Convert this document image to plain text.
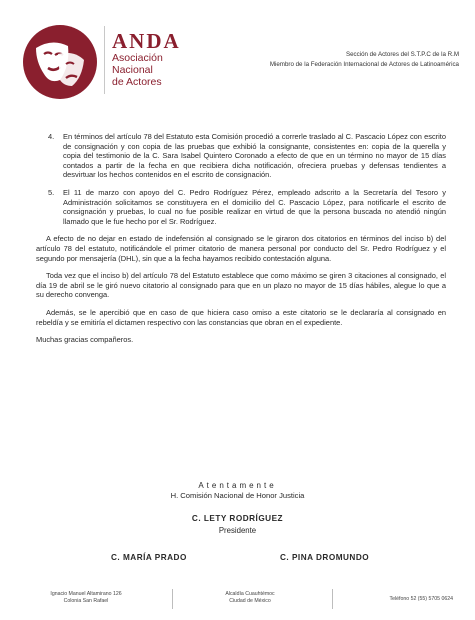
ANDA
Asociación
Nacional
de Actores
Sección de Actores del S.T.P.C de la R.M
Miembro de la Federación Internacional de Actores de Latinoamérica
4. En términos del artículo 78 del Estatuto esta Comisión procedió a correrle traslado al C. Pascacio López con escrito de consignación y con copia de las pruebas que exhibió la consignante, consistentes en: copia de la querella y copia del testimonio de la C. Sara Isabel Quintero Coronado a efecto de que en un término no mayor de 15 días contados a partir de la fecha en que recibiera dicha notificación, ofreciera pruebas y defensas tendientes a desvirtuar los hechos contenidos en el escrito de consignación.
5. El 11 de marzo con apoyo del C. Pedro Rodríguez Pérez, empleado adscrito a la Secretaría del Tesoro y Administración solicitamos se constituyera en el domicilio del C. Pascacio López, para notificarle el escrito de consignación y pruebas, lo cual no fue posible realizar en virtud de que la persona buscada no atendió ningún llamado que le fue hecho por el Sr. Rodríguez.

A efecto de no dejar en estado de indefensión al consignado se le giraron dos citatorios en términos del inciso b) del artículo 78 del estatuto, notificándole el primer citatorio de manera personal por conducto del Sr. Pedro Rodríguez y el segundo por mensajería (DHL), sin que a la fecha hayamos recibido contestación alguna.

Toda vez que el inciso b) del artículo 78 del Estatuto establece que como máximo se giren 3 citaciones al consignado, el día 19 de abril se le giró nuevo citatorio al consignado para que en un plazo no mayor de 15 días hábiles, alegue lo que a su derecho convenga.

Además, se le apercibió que en caso de que hiciera caso omiso a este citatorio se le declararía al consignado en rebeldía y se emitiría el dictamen respectivo con las constancias que obran en el expediente.

Muchas gracias compañeros.

Atentamente
H. Comisión Nacional de Honor Justicia
C. LETY RODRÍGUEZ
Presidente
C. MARÍA PRADO	C. PINA DROMUNDO
Ignacio Manuel Altamirano 126
Colonia San Rafael
Alcaldía Cuauhtémoc
Ciudad de México	Teléfono 52 (55) 5705 0624
